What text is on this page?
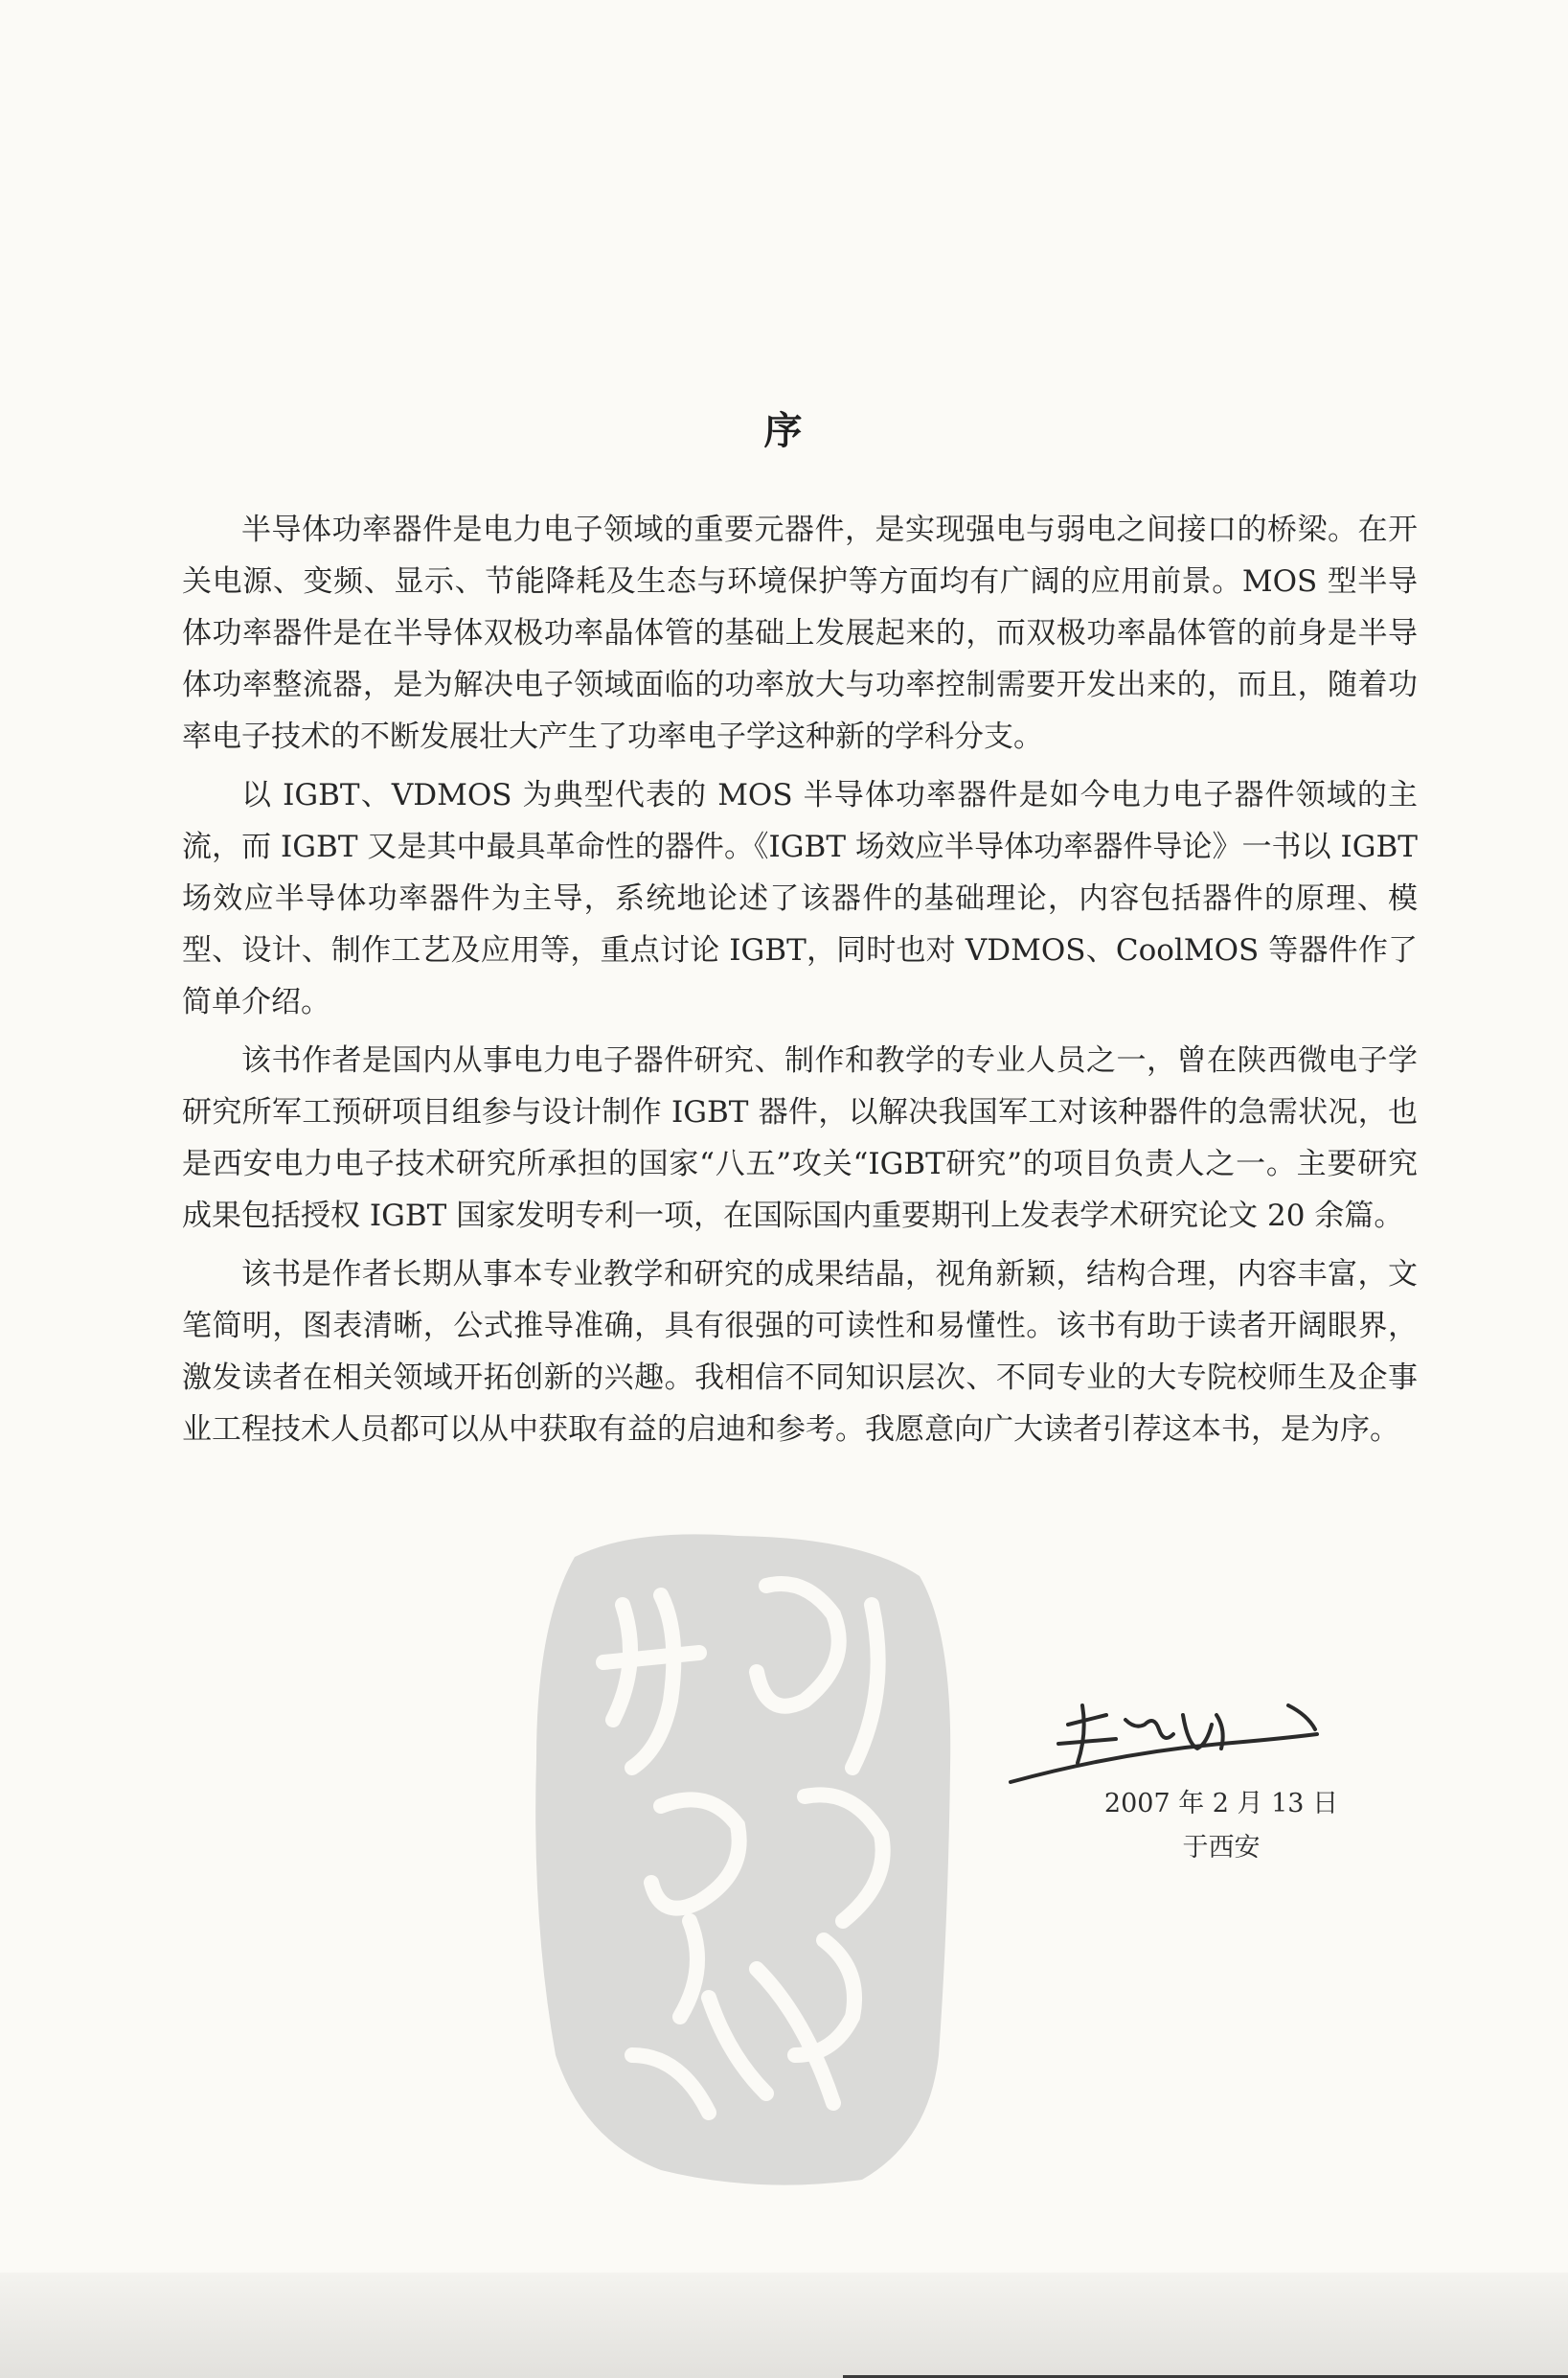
序

半导体功率器件是电力电子领域的重要元器件，是实现强电与弱电之间接口的桥梁。在开关电源、变频、显示、节能降耗及生态与环境保护等方面均有广阔的应用前景。MOS 型半导体功率器件是在半导体双极功率晶体管的基础上发展起来的，而双极功率晶体管的前身是半导体功率整流器，是为解决电子领域面临的功率放大与功率控制需要开发出来的，而且，随着功率电子技术的不断发展壮大产生了功率电子学这种新的学科分支。

以 IGBT、VDMOS 为典型代表的 MOS 半导体功率器件是如今电力电子器件领域的主流，而 IGBT 又是其中最具革命性的器件。《IGBT 场效应半导体功率器件导论》一书以 IGBT 场效应半导体功率器件为主导，系统地论述了该器件的基础理论，内容包括器件的原理、模型、设计、制作工艺及应用等，重点讨论 IGBT，同时也对 VDMOS、CoolMOS 等器件作了简单介绍。

该书作者是国内从事电力电子器件研究、制作和教学的专业人员之一，曾在陕西微电子学研究所军工预研项目组参与设计制作 IGBT 器件，以解决我国军工对该种器件的急需状况，也是西安电力电子技术研究所承担的国家“八五”攻关“IGBT研究”的项目负责人之一。主要研究成果包括授权 IGBT 国家发明专利一项，在国际国内重要期刊上发表学术研究论文 20 余篇。

该书是作者长期从事本专业教学和研究的成果结晶，视角新颖，结构合理，内容丰富，文笔简明，图表清晰，公式推导准确，具有很强的可读性和易懂性。该书有助于读者开阔眼界，激发读者在相关领域开拓创新的兴趣。我相信不同知识层次、不同专业的大专院校师生及企事业工程技术人员都可以从中获取有益的启迪和参考。我愿意向广大读者引荐这本书，是为序。

2007 年 2 月 13 日
于西安
